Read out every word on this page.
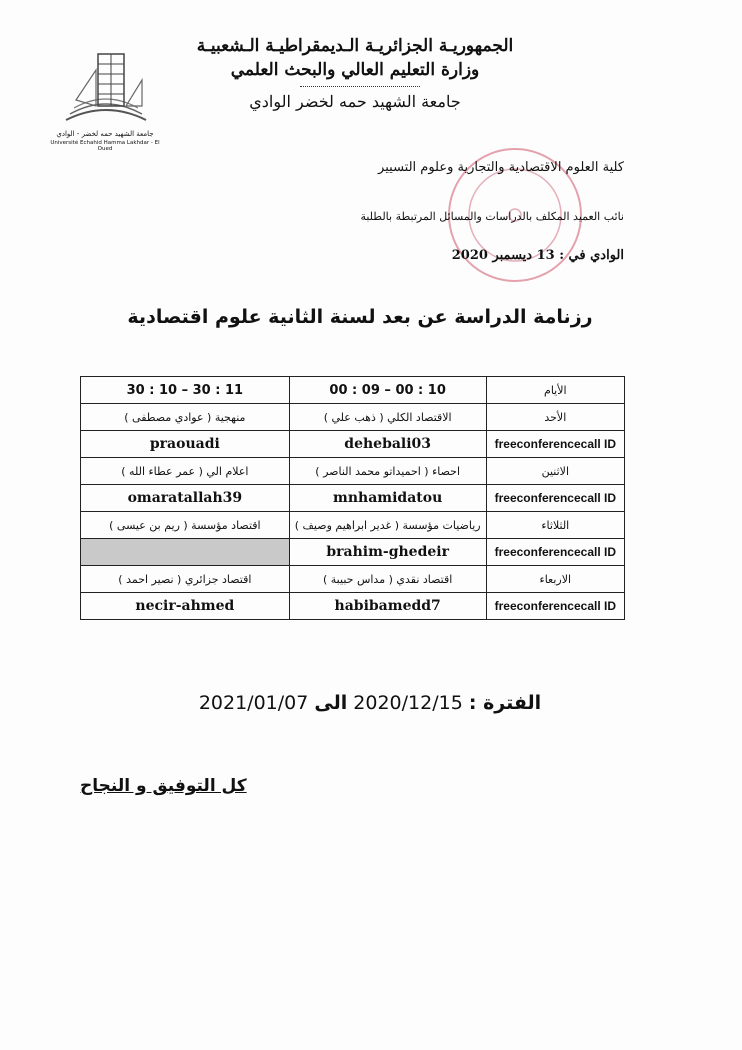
الجمهوريـة الجزائريـة الـديمقراطيـة الـشعبيـة
وزارة التعليم العالي والبحث العلمي
جامعة الشهيد حمه لخضر الوادي
جامعة الشهيد حمه لخضر - الوادي
Université Echahid Hamma Lakhdar - El Oued
كلية العلوم الاقتصادية والتجارية وعلوم التسيير
نائب العميد المكلف بالدراسات والمسائل المرتبطة بالطلبة
الوادي في : 13 ديسمبر 2020
رزنامة الدراسة عن بعد لسنة الثانية علوم اقتصادية
11 : 30 – 10 : 30	10 : 00 – 09 : 00	الأيام
منهجية ( عوادي مصطفى )	الاقتصاد الكلي ( ذهب علي )	الأحد
praouadi	dehebali03	freeconferencecall ID
اعلام الي ( عمر عطاء الله )	احصاء ( احميداتو محمد الناصر )	الاثنين
omaratallah39	mnhamidatou	freeconferencecall ID
اقتصاد مؤسسة ( ريم بن عيسى )	رياضيات مؤسسة ( غدير ابراهيم وصيف )	الثلاثاء
	brahim-ghedeir	freeconferencecall ID
اقتصاد جزائري ( نصير احمد )	اقتصاد نقدي ( مداس حبيبة )	الاربعاء
necir-ahmed	habibamedd7	freeconferencecall ID
الفترة : 2020/12/15 الى 2021/01/07
كل التوفيق و النجاح
